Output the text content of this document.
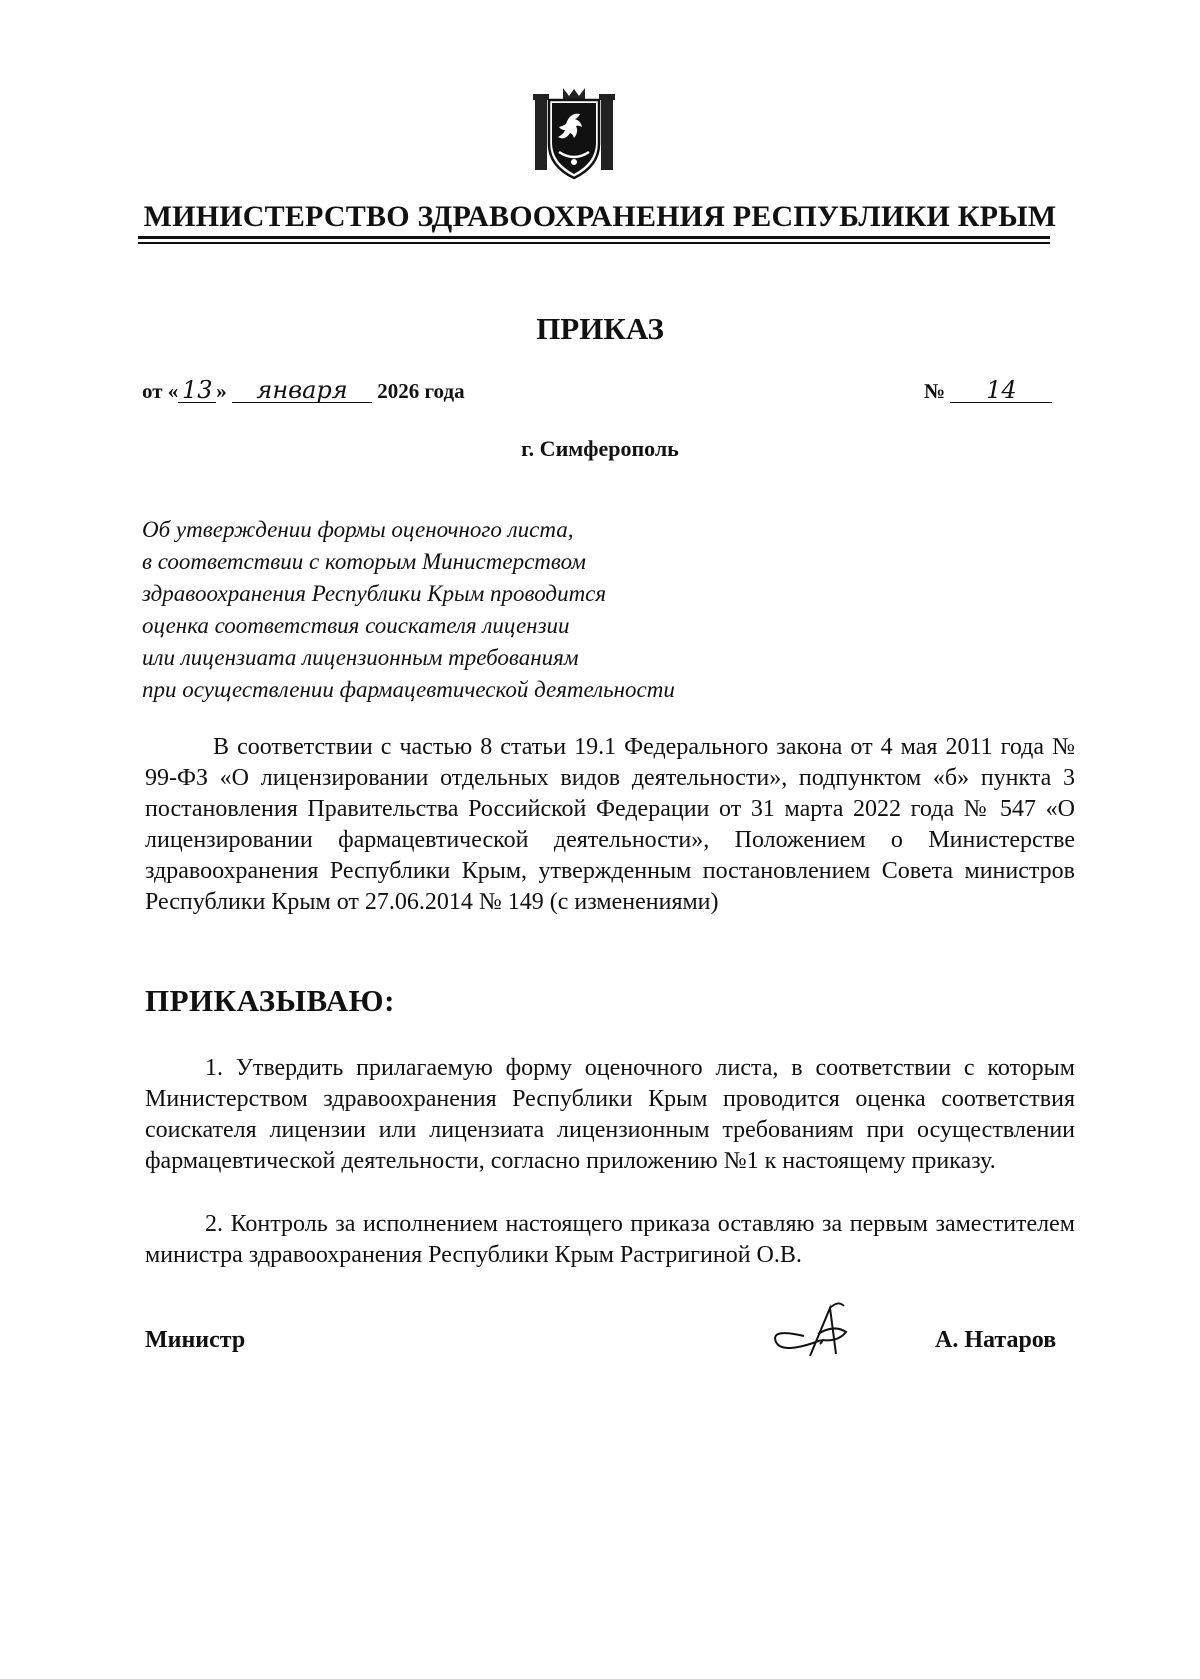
МИНИСТЕРСТВО ЗДРАВООХРАНЕНИЯ РЕСПУБЛИКИ КРЫМ
ПРИКАЗ
от « 13 » января 2026 года	№ 14
г. Симферополь
Об утверждении формы оценочного листа,
в соответствии с которым Министерством
здравоохранения Республики Крым проводится
оценка соответствия соискателя лицензии
или лицензиата лицензионным требованиям
при осуществлении фармацевтической деятельности
В соответствии с частью 8 статьи 19.1 Федерального закона от 4 мая 2011 года № 99-ФЗ «О лицензировании отдельных видов деятельности», подпунктом «б» пункта 3 постановления Правительства Российской Федерации от 31 марта 2022 года № 547 «О лицензировании фармацевтической деятельности», Положением о Министерстве здравоохранения Республики Крым, утвержденным постановлением Совета министров Республики Крым от 27.06.2014 № 149 (с изменениями)
ПРИКАЗЫВАЮ:
1. Утвердить прилагаемую форму оценочного листа, в соответствии с которым Министерством здравоохранения Республики Крым проводится оценка соответствия соискателя лицензии или лицензиата лицензионным требованиям при осуществлении фармацевтической деятельности, согласно приложению №1 к настоящему приказу.
2. Контроль за исполнением настоящего приказа оставляю за первым заместителем министра здравоохранения Республики Крым Растригиной О.В.
Министр	А. Натаров
